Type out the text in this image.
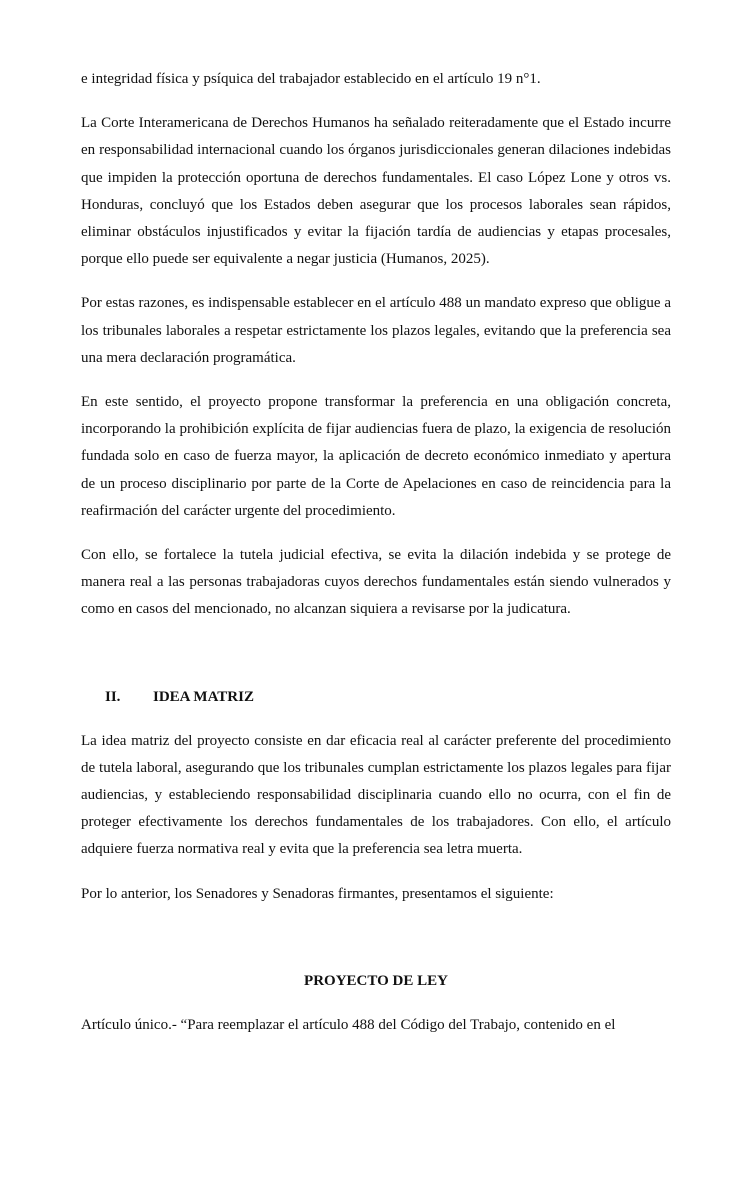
e integridad física y psíquica del trabajador establecido en el artículo 19 n°1.

La Corte Interamericana de Derechos Humanos ha señalado reiteradamente que el Estado incurre en responsabilidad internacional cuando los órganos jurisdiccionales generan dilaciones indebidas que impiden la protección oportuna de derechos fundamentales. El caso López Lone y otros vs. Honduras, concluyó que los Estados deben asegurar que los procesos laborales sean rápidos, eliminar obstáculos injustificados y evitar la fijación tardía de audiencias y etapas procesales, porque ello puede ser equivalente a negar justicia (Humanos, 2025).

Por estas razones, es indispensable establecer en el artículo 488 un mandato expreso que obligue a los tribunales laborales a respetar estrictamente los plazos legales, evitando que la preferencia sea una mera declaración programática.

En este sentido, el proyecto propone transformar la preferencia en una obligación concreta, incorporando la prohibición explícita de fijar audiencias fuera de plazo, la exigencia de resolución fundada solo en caso de fuerza mayor, la aplicación de decreto económico inmediato y apertura de un proceso disciplinario por parte de la Corte de Apelaciones en caso de reincidencia para la reafirmación del carácter urgente del procedimiento.

Con ello, se fortalece la tutela judicial efectiva, se evita la dilación indebida y se protege de manera real a las personas trabajadoras cuyos derechos fundamentales están siendo vulnerados y como en casos del mencionado, no alcanzan siquiera a revisarse por la judicatura.

II.	IDEA MATRIZ

La idea matriz del proyecto consiste en dar eficacia real al carácter preferente del procedimiento de tutela laboral, asegurando que los tribunales cumplan estrictamente los plazos legales para fijar audiencias, y estableciendo responsabilidad disciplinaria cuando ello no ocurra, con el fin de proteger efectivamente los derechos fundamentales de los trabajadores. Con ello, el artículo adquiere fuerza normativa real y evita que la preferencia sea letra muerta.

Por lo anterior, los Senadores y Senadoras firmantes, presentamos el siguiente:

PROYECTO DE LEY

Artículo único.- “Para reemplazar el artículo 488 del Código del Trabajo, contenido en el
